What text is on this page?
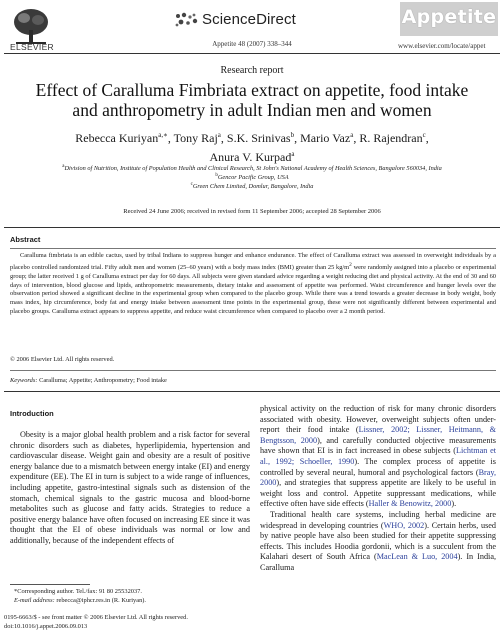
ELSEVIER
ScienceDirect
Appetite 48 (2007) 338–344
Appetite
www.elsevier.com/locate/appet
Research report
Effect of Caralluma Fimbriata extract on appetite, food intake and anthropometry in adult Indian men and women
Rebecca Kuriyan$^{a,∗}$, Tony Raj$^a$, S.K. Srinivas$^b$, Mario Vaz$^a$, R. Rajendran$^c$,
Anura V. Kurpad$^a$
$^a$Division of Nutrition, Institute of Population Health and Clinical Research, St John's National Academy of Health Sciences, Bangalore 560034, India
$^b$Gencor Pacific Group, USA
$^c$Green Chem Limited, Domlur, Bangalore, India
Received 24 June 2006; received in revised form 11 September 2006; accepted 28 September 2006
Abstract
Caralluma fimbriata is an edible cactus, used by tribal Indians to suppress hunger and enhance endurance. The effect of Caralluma extract was assessed in overweight individuals by a placebo controlled randomized trial. Fifty adult men and women (25–60 years) with a body mass index (BMI) greater than 25 $kg/m^2$ were randomly assigned into a placebo or experimental group; the latter received 1 g of Caralluma extract per day for 60 days. All subjects were given standard advice regarding a weight reducing diet and physical activity. At the end of 30 and 60 days of intervention, blood glucose and lipids, anthropometric measurements, dietary intake and assessment of appetite was performed. Waist circumference and hunger levels over the observation period showed a significant decline in the experimental group when compared to the placebo group. While there was a trend towards a greater decrease in body weight, body mass index, hip circumference, body fat and energy intake between assessment time points in the experimental group, these were not significantly different between experimental and placebo groups. Caralluma extract appears to suppress appetite, and reduce waist circumference when compared to placebo over a 2 month period.
© 2006 Elsevier Ltd. All rights reserved.
Keywords: Caralluma; Appetite; Anthropometry; Food intake
Introduction
Obesity is a major global health problem and a risk factor for several chronic disorders such as diabetes, hyperlipidemia, hypertension and cardiovascular disease. Weight gain and obesity are a result of positive energy balance due to a mismatch between energy intake (EI) and energy expenditure (EE). The EI in turn is subject to a wide range of influences, including appetite, gastro-intestinal signals such as distension of the stomach, chemical signals to the gastric mucosa and blood-borne metabolites such as glucose and fatty acids. Strategies to reduce a positive energy balance have often focused on increasing EE since it was thought that the EI of obese individuals was normal or low and additionally, because of the independent effects of

physical activity on the reduction of risk for many chronic disorders associated with obesity. However, overweight subjects often under-report their food intake (Lissner, 2002; Lissner, Heitmann, & Bengtsson, 2000), and carefully conducted objective measurements have shown that EI is in fact increased in obese subjects (Lichtman et al., 1992; Schoeller, 1990). The complex process of appetite is controlled by several neural, humoral and psychological factors (Bray, 2000), and strategies that suppress appetite are likely to be useful in weight loss and control. Appetite suppressant medications, while effective often have side effects (Haller & Benowitz, 2000).

Traditional health care systems, including herbal medicine are widespread in developing countries (WHO, 2002). Certain herbs, used by native people have also been studied for their appetite suppressing effects. This includes Hoodia gordonii, which is a succulent from the Kalahari desert of South Africa (MacLean & Luo, 2004). In India, Caralluma

*Corresponding author. Tel./fax: 91 80 25532037.
E-mail address: rebecca@iphcr.res.in (R. Kuriyan).
0195-6663/$ - see front matter © 2006 Elsevier Ltd. All rights reserved.
doi:10.1016/j.appet.2006.09.013
